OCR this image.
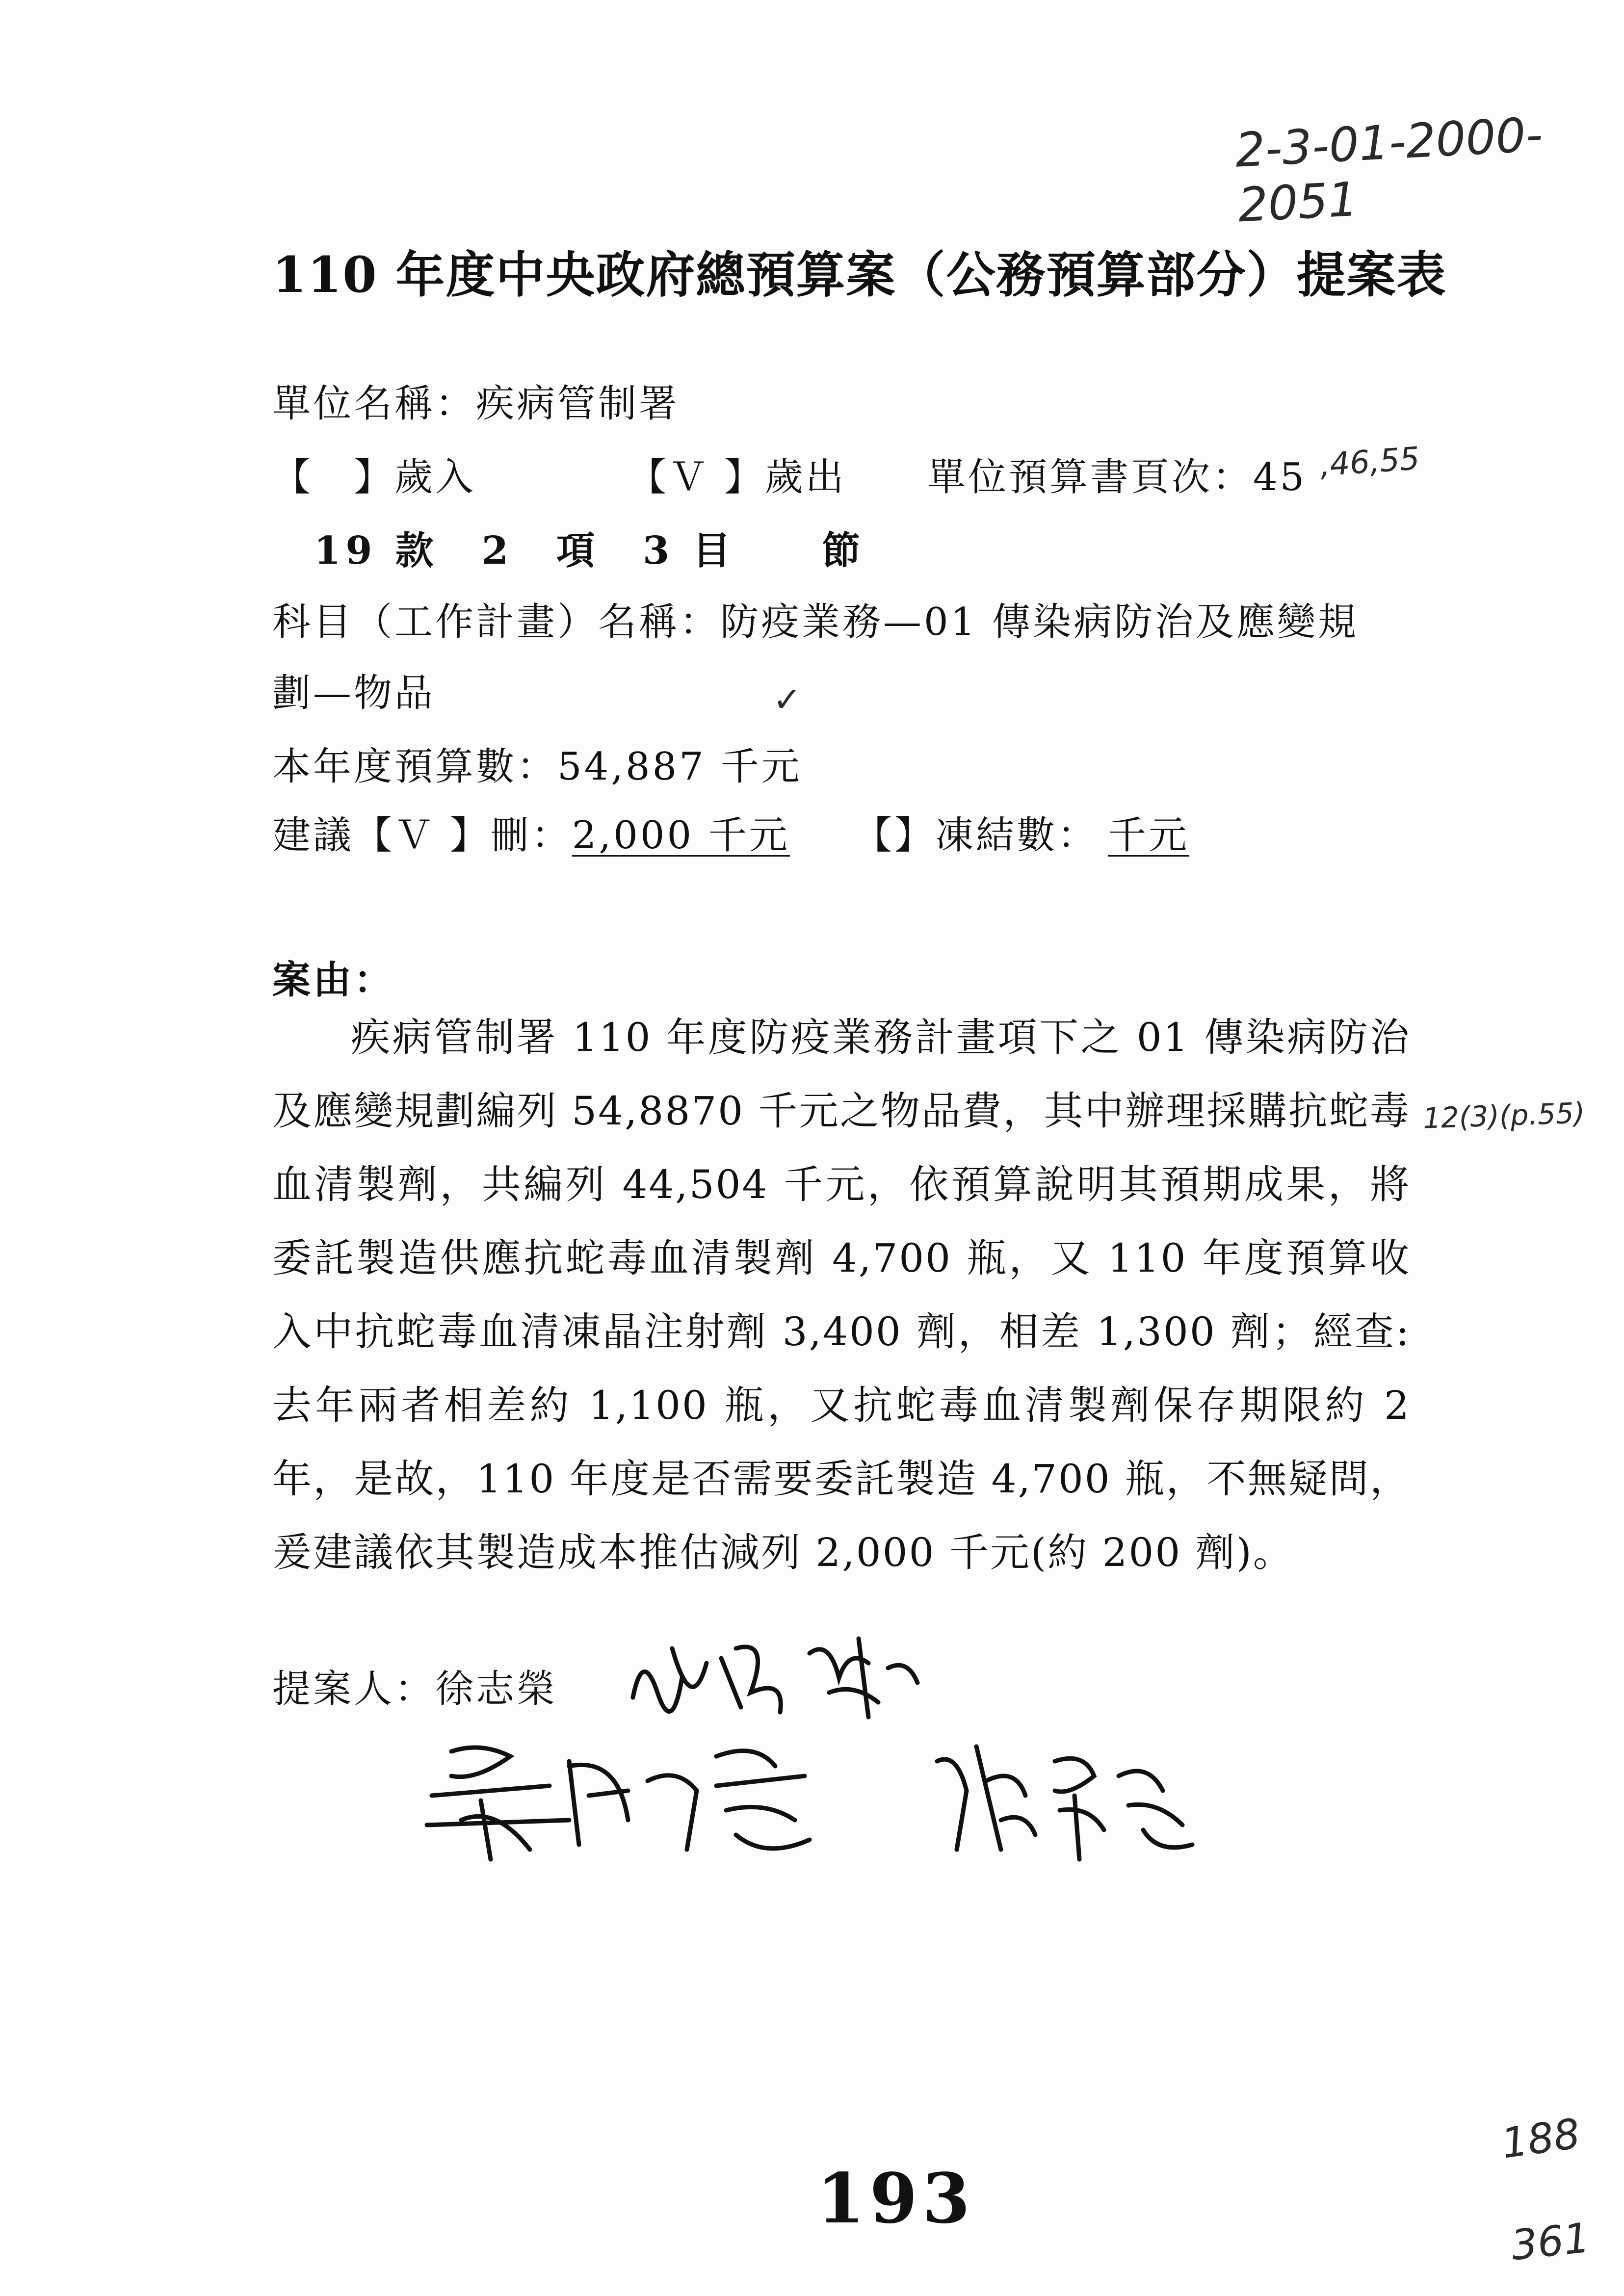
2-3-01-2000-2051
110 年度中央政府總預算案（公務預算部分）提案表
單位名稱：疾病管制署
【　】歲入	【Ｖ 】歲出 單位預算書頁次：45 ,46,55
19 款　2　項　3 目　　節
科目（工作計畫）名稱：防疫業務—01 傳染病防治及應變規
劃—物品	✓
本年度預算數：54,887 千元
建議【Ｖ 】刪：2,000 千元 【】凍結數： 千元
案由：

疾病管制署 110 年度防疫業務計畫項下之 01 傳染病防治及應變規劃編列 54,8870 千元之物品費，其中辦理採購抗蛇毒血清製劑，共編列 44,504 千元，依預算說明其預期成果，將委託製造供應抗蛇毒血清製劑 4,700 瓶，又 110 年度預算收入中抗蛇毒血清凍晶注射劑 3,400 劑，相差 1,300 劑；經查:去年兩者相差約 1,100 瓶，又抗蛇毒血清製劑保存期限約 2 年，是故，110 年度是否需要委託製造 4,700 瓶，不無疑問，爰建議依其製造成本推估減列 2,000 千元(約 200 劑)。

12(3)(p.55)
提案人：徐志榮
193
188
361
